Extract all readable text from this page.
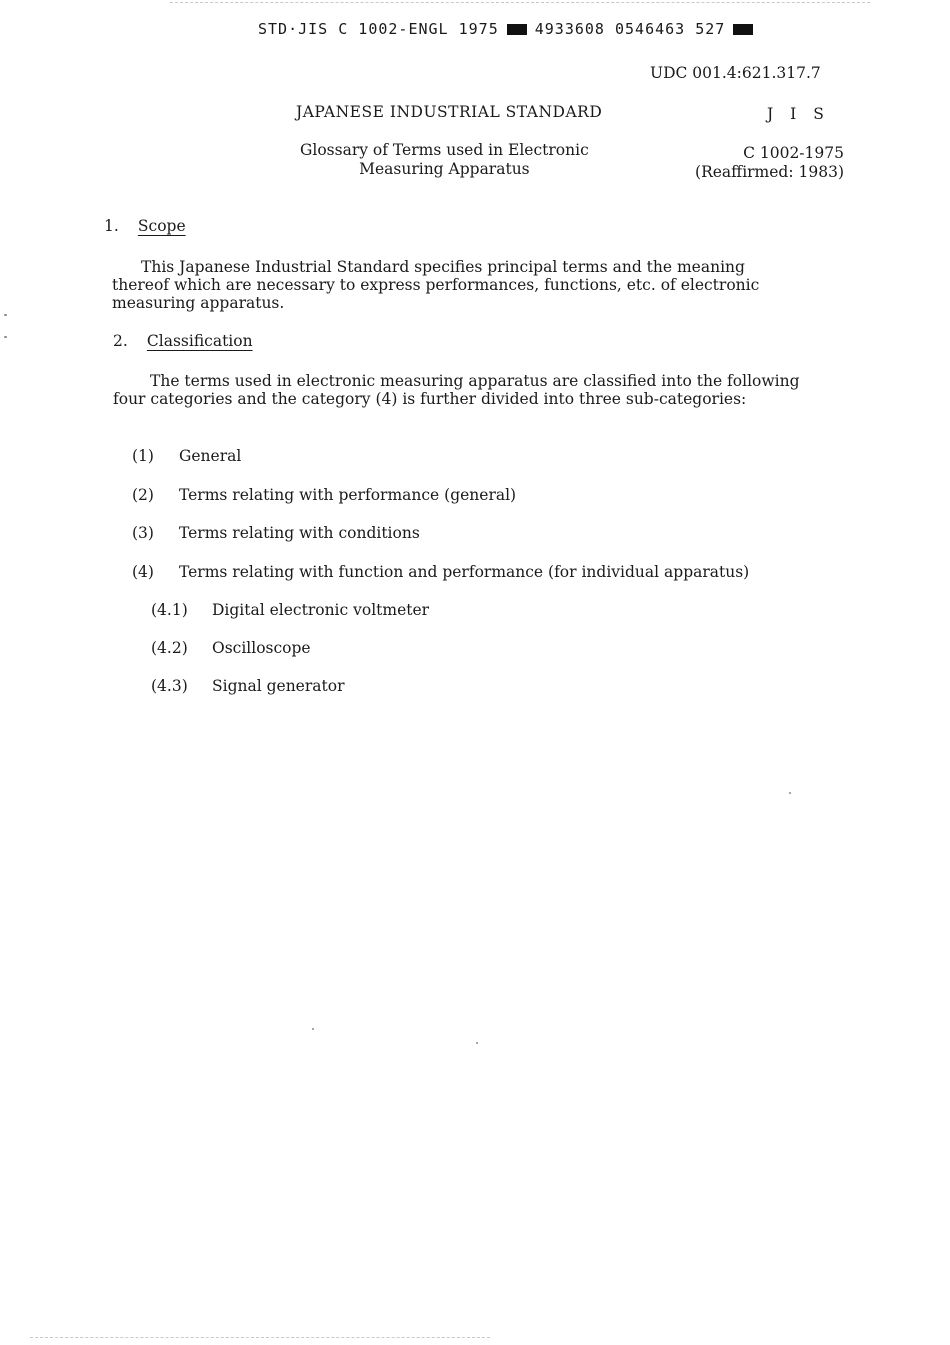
STD·JIS C 1002-ENGL 1975 4933608 0546463 527
UDC 001.4:621.317.7
JAPANESE INDUSTRIAL STANDARD	J I S
Glossary of Terms used in Electronic
Measuring Apparatus
C 1002-1975
(Reaffirmed: 1983)
1. Scope
This Japanese Industrial Standard specifies principal terms and the meaning thereof which are necessary to express performances, functions, etc. of electronic measuring apparatus.
2. Classification
The terms used in electronic measuring apparatus are classified into the following four categories and the category (4) is further divided into three sub-categories:
(1)	General
(2)	Terms relating with performance (general)
(3)	Terms relating with conditions
(4)	Terms relating with function and performance (for individual apparatus)
(4.1)	Digital electronic voltmeter
(4.2)	Oscilloscope
(4.3)	Signal generator
